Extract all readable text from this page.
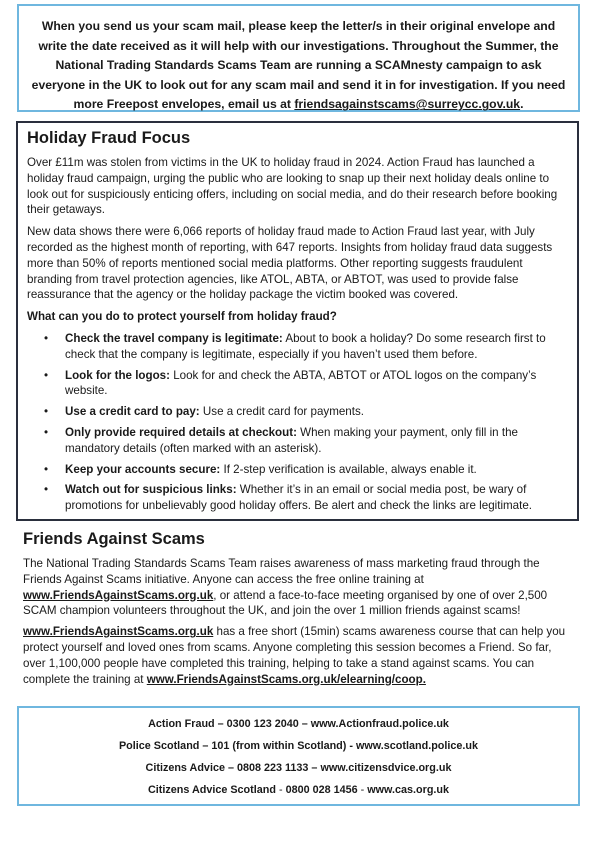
When you send us your scam mail, please keep the letter/s in their original envelope and write the date received as it will help with our investigations. Throughout the Summer, the National Trading Standards Scams Team are running a SCAMnesty campaign to ask everyone in the UK to look out for any scam mail and send it in for investigation. If you need more Freepost envelopes, email us at friendsagainstscams@surreycc.gov.uk.
Holiday Fraud Focus

Over £11m was stolen from victims in the UK to holiday fraud in 2024. Action Fraud has launched a holiday fraud campaign, urging the public who are looking to snap up their next holiday deals online to look out for suspiciously enticing offers, including on social media, and do their research before booking their getaways.

New data shows there were 6,066 reports of holiday fraud made to Action Fraud last year, with July recorded as the highest month of reporting, with 647 reports. Insights from holiday fraud data suggests more than 50% of reports mentioned social media platforms. Other reporting suggests fraudulent branding from travel protection agencies, like ATOL, ABTA, or ABTOT, was used to provide false reassurance that the agency or the holiday package the victim booked was covered.

What can you do to protect yourself from holiday fraud?
• Check the travel company is legitimate: About to book a holiday? Do some research first to check that the company is legitimate, especially if you haven’t used them before.
• Look for the logos: Look for and check the ABTA, ABTOT or ATOL logos on the company’s website.
• Use a credit card to pay: Use a credit card for payments.
• Only provide required details at checkout: When making your payment, only fill in the mandatory details (often marked with an asterisk).
• Keep your accounts secure: If 2-step verification is available, always enable it.
• Watch out for suspicious links: Whether it’s in an email or social media post, be wary of promotions for unbelievably good holiday offers. Be alert and check the links are legitimate.
Friends Against Scams

The National Trading Standards Scams Team raises awareness of mass marketing fraud through the Friends Against Scams initiative. Anyone can access the free online training at www.FriendsAgainstScams.org.uk, or attend a face-to-face meeting organised by one of over 2,500 SCAM champion volunteers throughout the UK, and join the over 1 million friends against scams!

www.FriendsAgainstScams.org.uk has a free short (15min) scams awareness course that can help you protect yourself and loved ones from scams. Anyone completing this session becomes a Friend. So far, over 1,100,000 people have completed this training, helping to take a stand against scams. You can complete the training at www.FriendsAgainstScams.org.uk/elearning/coop.

Action Fraud – 0300 123 2040 – www.Actionfraud.police.uk
Police Scotland – 101 (from within Scotland) - www.scotland.police.uk
Citizens Advice – 0808 223 1133 – www.citizensdvice.org.uk
Citizens Advice Scotland - 0800 028 1456 - www.cas.org.uk
